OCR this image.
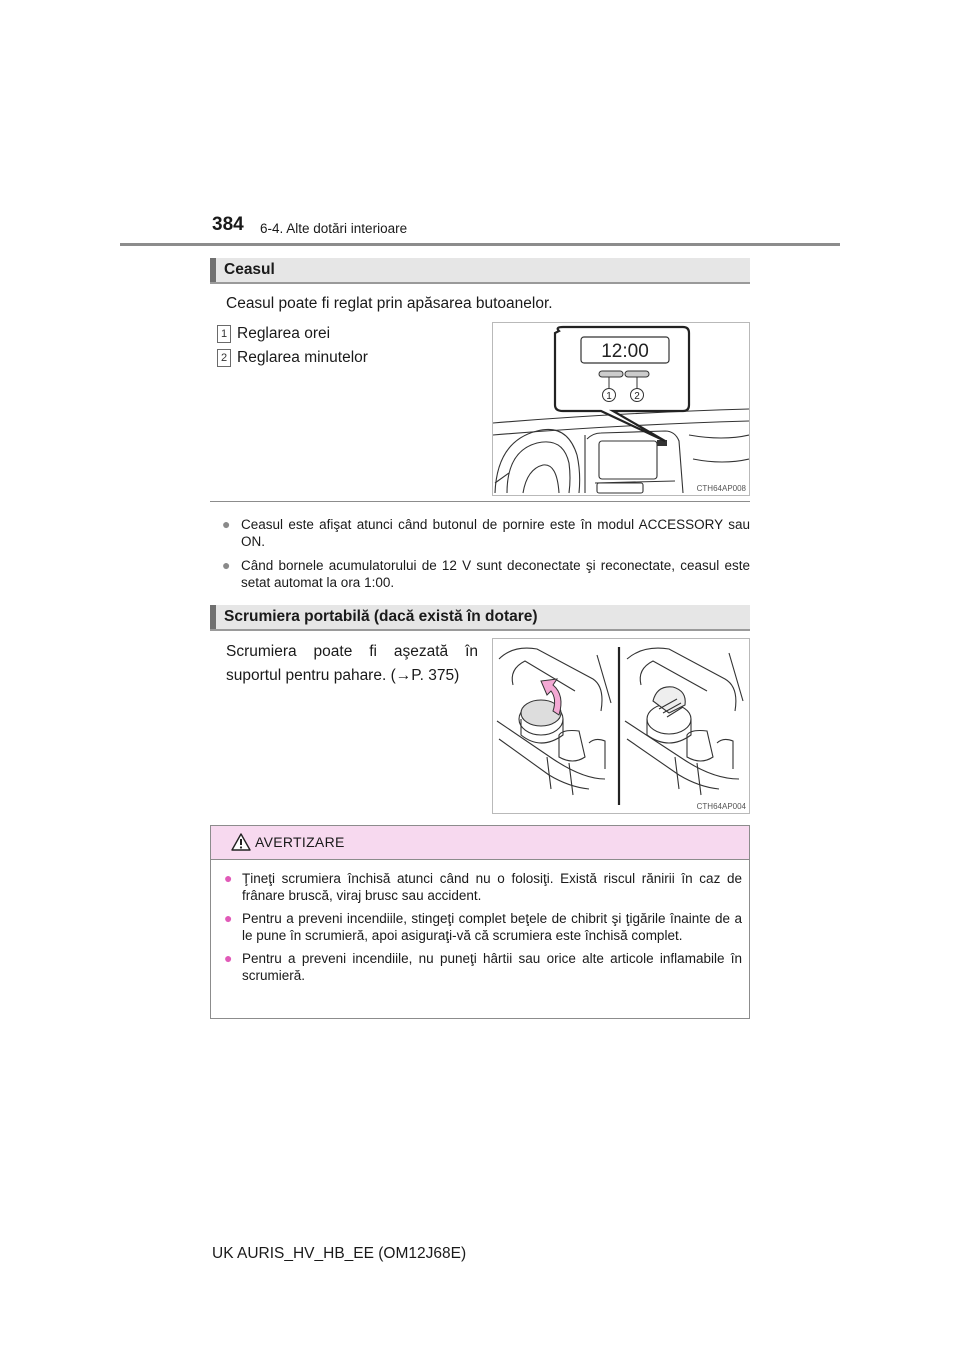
384 6-4. Alte dotări interioare
Ceasul
Ceasul poate fi reglat prin apăsarea butoanelor.
1 Reglarea orei
2 Reglarea minutelor	12:00
1 2
CTH64AP008
● Ceasul este afişat atunci când butonul de pornire este în modul ACCESSORY sau ON.
● Când bornele acumulatorului de 12 V sunt deconectate şi reconectate, ceasul este setat automat la ora 1:00.
Scrumiera portabilă (dacă există în dotare)
Scrumiera poate fi aşezată în suportul pentru pahare. (→P. 375)
CTH64AP004
AVERTIZARE
● Ţineţi scrumiera închisă atunci când nu o folosiţi. Există riscul rănirii în caz de frânare bruscă, viraj brusc sau accident.
● Pentru a preveni incendiile, stingeţi complet beţele de chibrit şi ţigările înainte de a le pune în scrumieră, apoi asiguraţi-vă că scrumiera este închisă complet.
● Pentru a preveni incendiile, nu puneţi hârtii sau orice alte articole inflamabile în scrumieră.
UK AURIS_HV_HB_EE (OM12J68E)
